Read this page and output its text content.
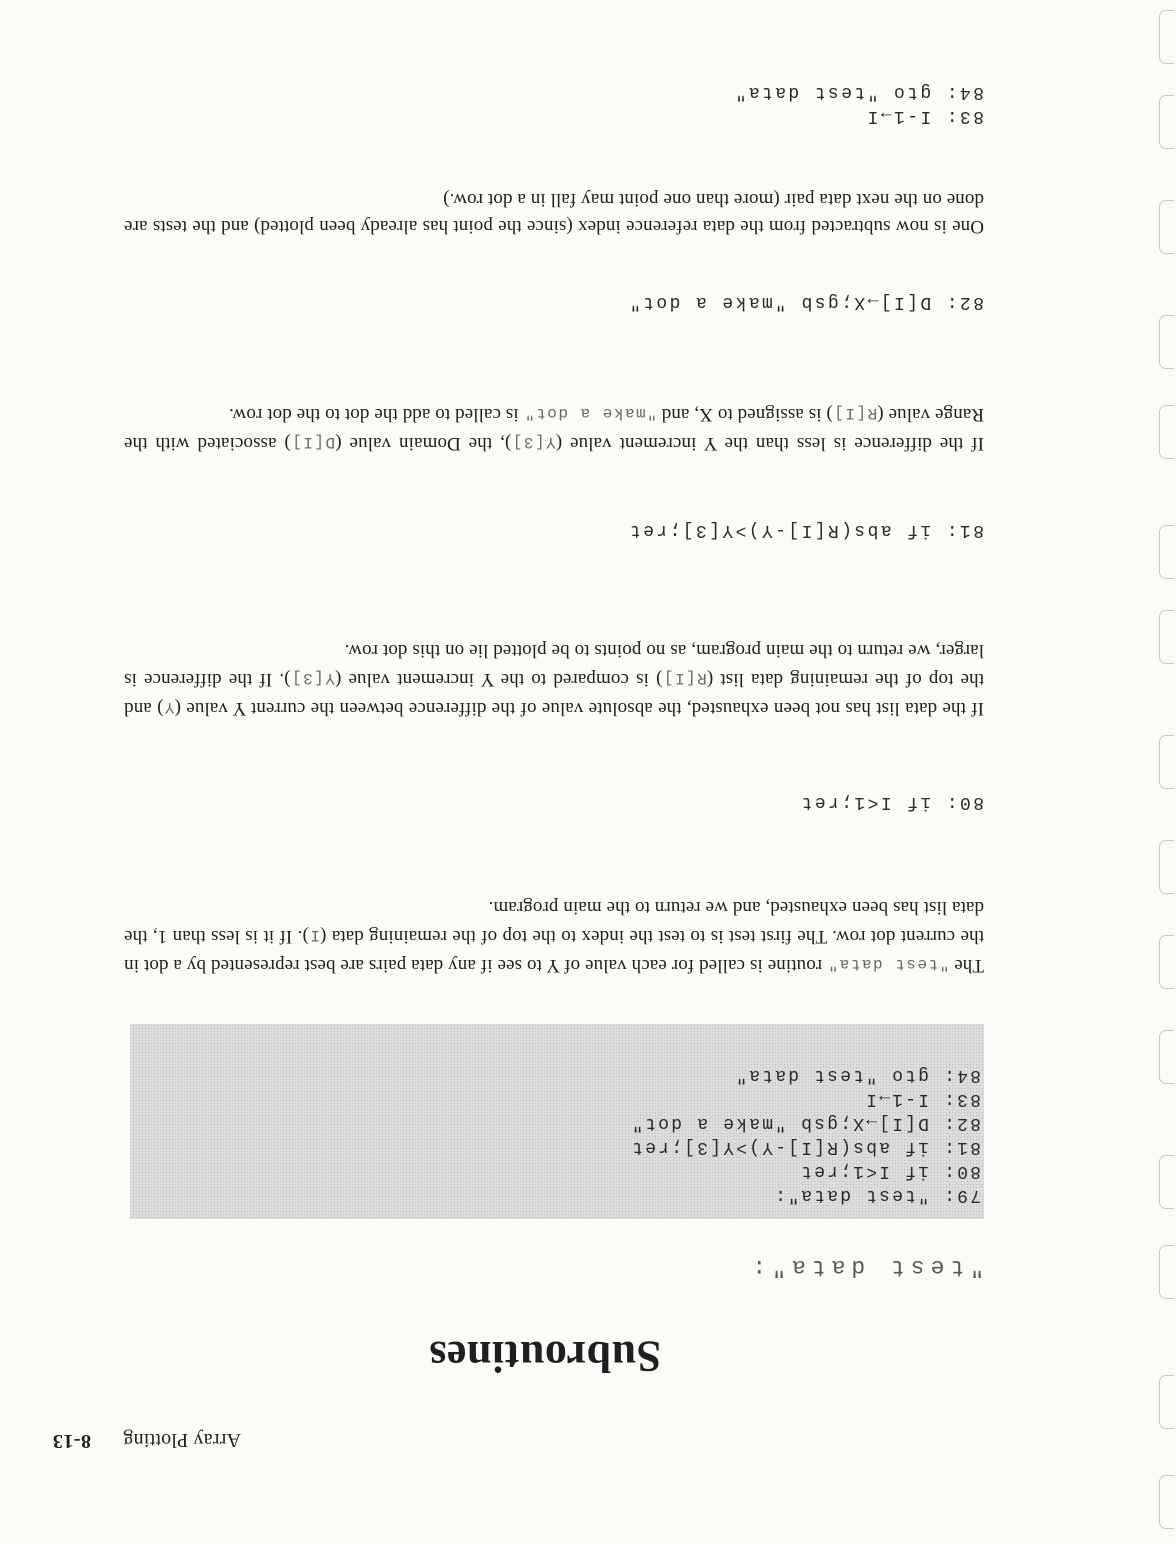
Array Plotting
8-13
Subroutines
"test data":
79: "test data":
80: if I<1;ret
81: if abs(R[I]-Y)>Y[3];ret
82: D[I]→X;gsb "make a dot"
83: I-1→I
84: gto "test data"

The "test data" routine is called for each value of Y to see if any data pairs are best represented by a dot in the current dot row. The first test is to test the index to the top of the remaining data (I). If it is less than 1, the data list has been exhausted, and we return to the main program.

80: if I<1;ret

If the data list has not been exhausted, the absolute value of the difference between the current Y value (Y) and the top of the remaining data list (R[I]) is compared to the Y increment value (Y[3]). If the difference is larger, we return to the main program, as no points to be plotted lie on this dot row.

81: if abs(R[I]-Y)>Y[3];ret

If the difference is less than the Y increment value (Y[3]), the Domain value (D[I]) associated with the Range value (R[I]) is assigned to X, and "make a dot" is called to add the dot to the dot row.

82: D[I]→X;gsb "make a dot"

One is now subtracted from the data reference index (since the point has already been plotted) and the tests are done on the next data pair (more than one point may fall in a dot row.)

83: I-1→I
84: gto "test data"
